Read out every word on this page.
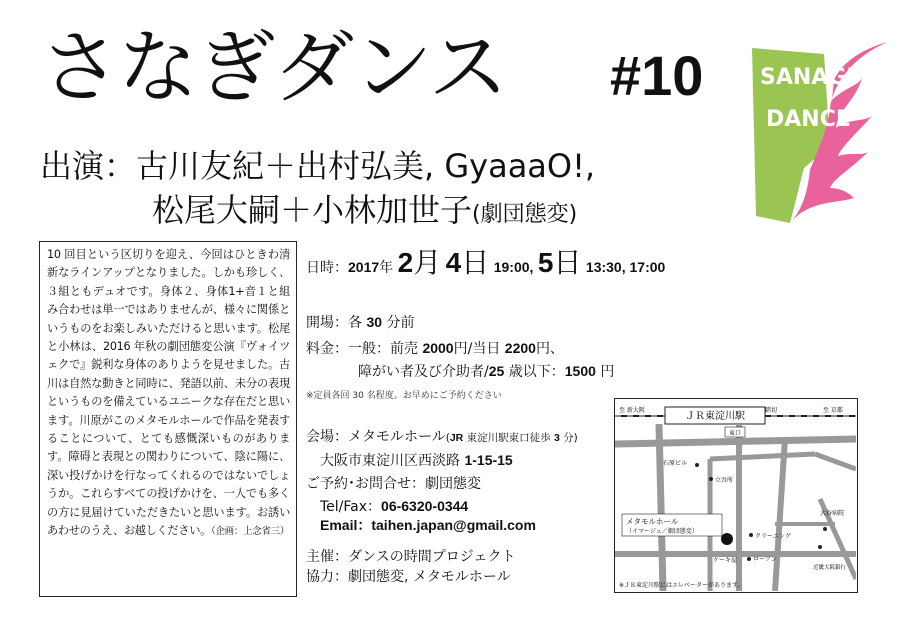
さなぎダンス #10	SANAGI
DANCE
出演：古川友紀＋出村弘美, GyaaaO!,
松尾大嗣＋小林加世子(劇団態変)

10 回目という区切りを迎え、今回はひときわ清新なラインアップとなりました。しかも珍しく、３組ともデュオです。身体２、身体1+音１と組み合わせは単一ではありませんが、様々に関係というものをお楽しみいただけると思います。松尾と小林は、2016 年秋の劇団態変公演『ヴォイツェクで』鋭利な身体のありようを見せました。古川は自然な動きと同時に、発語以前、未分の表現というものを備えているユニークな存在だと思います。川原がこのメタモルホールで作品を発表することについて、とても感慨深いものがあります。障碍と表現との関わりについて、陰に陽に、深い投げかけを行なってくれるのではないでしょうか。これらすべての投げかけを、一人でも多くの方に見届けていただきたいと思います。お誘いあわせのうえ、お越しください。（企画：上念省三）

日時：2017年 2月 4日 19:00, 5日 13:30, 17:00
開場：各 30 分前
料金：一般：前売 2000円/当日 2200円、
障がい者及び介助者/25 歳以下：1500 円
※定員各回 30 名程度。お早めにご予約ください
会場：メタモルホール(JR 東淀川駅東口徒歩 3 分)
大阪市東淀川区西淡路 1-15-15
ご予約･お問合せ：劇団態変
Tel/Fax：06-6320-0344
Email：taihen.japan@gmail.com
主催：ダンスの時間プロジェクト
協力：劇団態変, メタモルホール
ＪＲ東淀川駅
至 新大阪	至 京都
踏切
東口
石原ビル
立吾所
メタモルホール
（イマージュ／劇団態変）
クリーニング
ケーキ屋	ローソン
大谷病院
近畿大阪銀行
※ＪＲ東淀川駅にはエレベーターがあります。
